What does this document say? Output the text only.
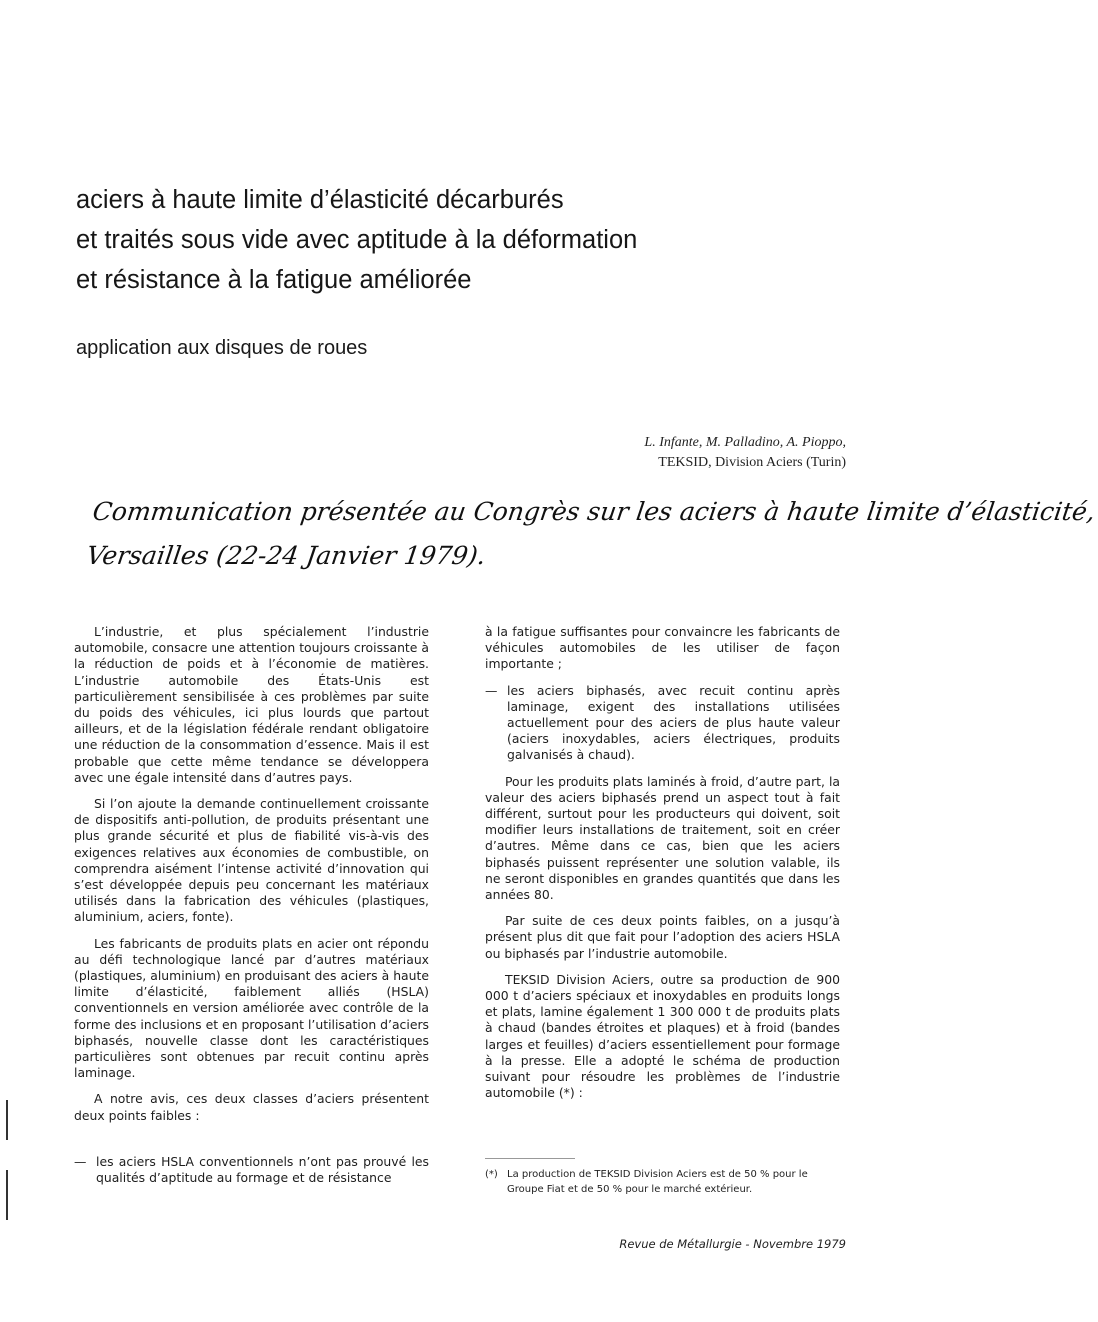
aciers à haute limite d’élasticité décarburés
et traités sous vide avec aptitude à la déformation
et résistance à la fatigue améliorée
application aux disques de roues
L. Infante, M. Palladino, A. Pioppo,
TEKSID, Division Aciers (Turin)
Communication présentée au Congrès sur les aciers à haute limite d’élasticité,
Versailles (22-24 Janvier 1979).

L’industrie, et plus spécialement l’industrie automobile, consacre une attention toujours croissante à la réduction de poids et à l’économie de matières. L’industrie automobile des États-Unis est particulièrement sensibilisée à ces problèmes par suite du poids des véhicules, ici plus lourds que partout ailleurs, et de la législation fédérale rendant obligatoire une réduction de la consommation d’essence. Mais il est probable que cette même tendance se développera avec une égale intensité dans d’autres pays.

Si l’on ajoute la demande continuellement croissante de dispositifs anti-pollution, de produits présentant une plus grande sécurité et plus de fiabilité vis-à-vis des exigences relatives aux économies de combustible, on comprendra aisément l’intense activité d’innovation qui s’est développée depuis peu concernant les matériaux utilisés dans la fabrication des véhicules (plastiques, aluminium, aciers, fonte).

Les fabricants de produits plats en acier ont répondu au défi technologique lancé par d’autres matériaux (plastiques, aluminium) en produisant des aciers à haute limite d’élasticité, faiblement alliés (HSLA) conventionnels en version améliorée avec contrôle de la forme des inclusions et en proposant l’utilisation d’aciers biphasés, nouvelle classe dont les caractéristiques particulières sont obtenues par recuit continu après laminage.

A notre avis, ces deux classes d’aciers présentent deux points faibles :

— les aciers HSLA conventionnels n’ont pas prouvé les qualités d’aptitude au formage et de résistance

à la fatigue suffisantes pour convaincre les fabricants de véhicules automobiles de les utiliser de façon importante ;

— les aciers biphasés, avec recuit continu après laminage, exigent des installations utilisées actuellement pour des aciers de plus haute valeur (aciers inoxydables, aciers électriques, produits galvanisés à chaud).

Pour les produits plats laminés à froid, d’autre part, la valeur des aciers biphasés prend un aspect tout à fait différent, surtout pour les producteurs qui doivent, soit modifier leurs installations de traitement, soit en créer d’autres. Même dans ce cas, bien que les aciers biphasés puissent représenter une solution valable, ils ne seront disponibles en grandes quantités que dans les années 80.

Par suite de ces deux points faibles, on a jusqu’à présent plus dit que fait pour l’adoption des aciers HSLA ou biphasés par l’industrie automobile.

TEKSID Division Aciers, outre sa production de 900 000 t d’aciers spéciaux et inoxydables en produits longs et plats, lamine également 1 300 000 t de produits plats à chaud (bandes étroites et plaques) et à froid (bandes larges et feuilles) d’aciers essentiellement pour formage à la presse. Elle a adopté le schéma de production suivant pour résoudre les problèmes de l’industrie automobile (*) :

(*) La production de TEKSID Division Aciers est de 50 % pour le Groupe Fiat et de 50 % pour le marché extérieur.
Revue de Métallurgie - Novembre 1979
